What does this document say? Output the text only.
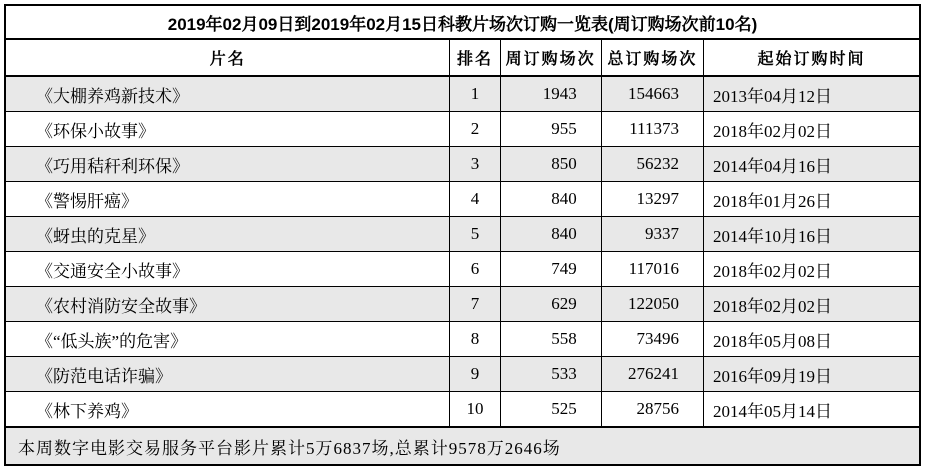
2019年02月09日到2019年02月15日科教片场次订购一览表(周订购场次前10名)				
片名	排名	周订购场次	总订购场次	起始订购时间
《大棚养鸡新技术》	1	1943	154663	2013年04月12日
《环保小故事》	2	955	111373	2018年02月02日
《巧用秸秆利环保》	3	850	56232	2014年04月16日
《警惕肝癌》	4	840	13297	2018年01月26日
《蚜虫的克星》	5	840	9337	2014年10月16日
《交通安全小故事》	6	749	117016	2018年02月02日
《农村消防安全故事》	7	629	122050	2018年02月02日
《“低头族”的危害》	8	558	73496	2018年05月08日
《防范电话诈骗》	9	533	276241	2016年09月19日
《林下养鸡》	10	525	28756	2014年05月14日
本周数字电影交易服务平台影片累计5万6837场,总累计9578万2646场				
